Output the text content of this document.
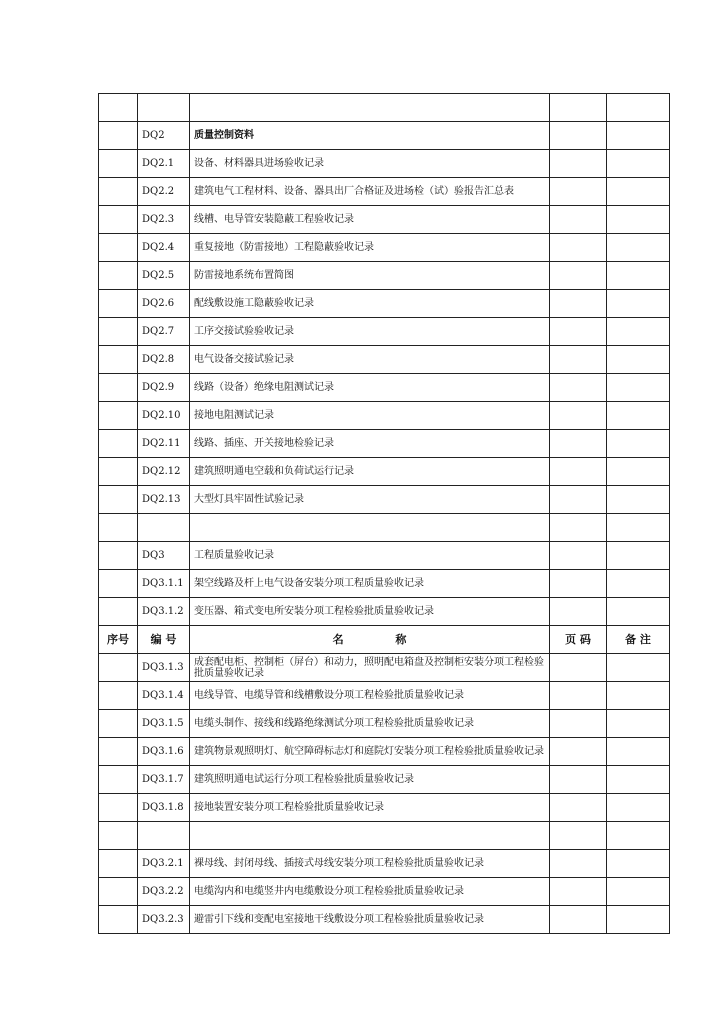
	DQ2	质量控制资料		
	DQ2.1	设备、材料器具进场验收记录		
	DQ2.2	建筑电气工程材料、设备、器具出厂合格证及进场检（试）验报告汇总表		
	DQ2.3	线槽、电导管安装隐蔽工程验收记录		
	DQ2.4	重复接地（防雷接地）工程隐蔽验收记录		
	DQ2.5	防雷接地系统布置简图		
	DQ2.6	配线敷设施工隐蔽验收记录		
	DQ2.7	工序交接试验验收记录		
	DQ2.8	电气设备交接试验记录		
	DQ2.9	线路（设备）绝缘电阻测试记录		
	DQ2.10	接地电阻测试记录		
	DQ2.11	线路、插座、开关接地检验记录		
	DQ2.12	建筑照明通电空载和负荷试运行记录		
	DQ2.13	大型灯具牢固性试验记录		

	DQ3	工程质量验收记录		
	DQ3.1.1	架空线路及杆上电气设备安装分项工程质量验收记录		
	DQ3.1.2	变压器、箱式变电所安装分项工程检验批质量验收记录		
序号	编 号	名 称	页 码	备 注
	DQ3.1.3	成套配电柜、控制柜（屏台）和动力，照明配电箱盘及控制柜安装分项工程检验批质量验收记录		
	DQ3.1.4	电线导管、电缆导管和线槽敷设分项工程检验批质量验收记录		
	DQ3.1.5	电缆头制作、接线和线路绝缘测试分项工程检验批质量验收记录		
	DQ3.1.6	建筑物景观照明灯、航空障碍标志灯和庭院灯安装分项工程检验批质量验收记录		
	DQ3.1.7	建筑照明通电试运行分项工程检验批质量验收记录		
	DQ3.1.8	接地装置安装分项工程检验批质量验收记录		

	DQ3.2.1	裸母线、封闭母线、插接式母线安装分项工程检验批质量验收记录		
	DQ3.2.2	电缆沟内和电缆竖井内电缆敷设分项工程检验批质量验收记录		
	DQ3.2.3	避雷引下线和变配电室接地干线敷设分项工程检验批质量验收记录		
